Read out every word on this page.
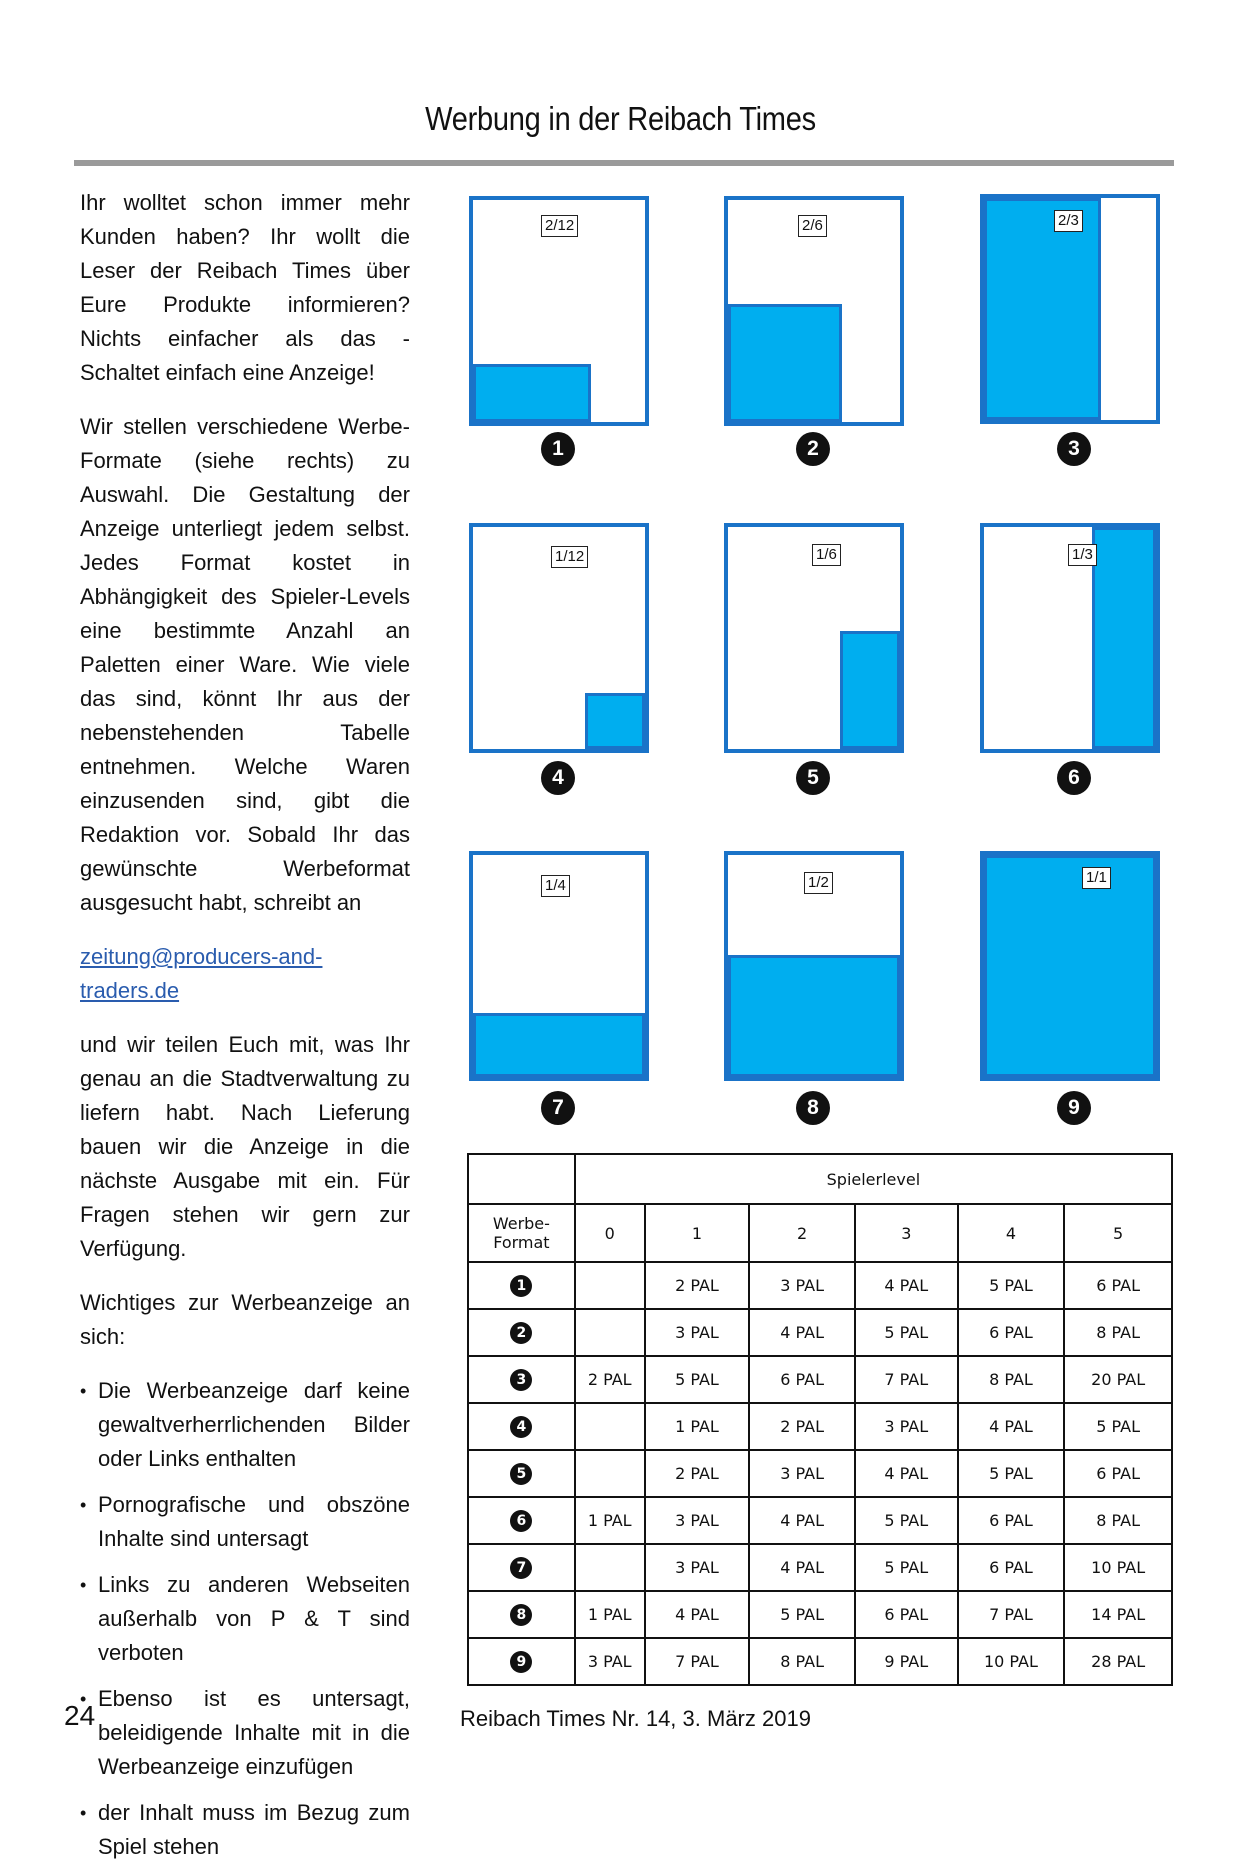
Werbung in der Reibach Times

Ihr wolltet schon immer mehr Kunden haben? Ihr wollt die Leser der Reibach Times über Eure Produkte informieren? Nichts einfacher als das - Schaltet einfach eine Anzeige!

Wir stellen verschiedene Werbe-Formate (siehe rechts) zu Auswahl. Die Gestaltung der Anzeige unterliegt jedem selbst. Jedes Format kostet in Abhängigkeit des Spieler-Levels eine bestimmte Anzahl an Paletten einer Ware. Wie viele das sind, könnt Ihr aus der nebenstehenden Tabelle entnehmen. Welche Waren einzusenden sind, gibt die Redaktion vor. Sobald Ihr das gewünschte Werbeformat ausgesucht habt, schreibt an

zeitung@producers-and-traders.de

und wir teilen Euch mit, was Ihr genau an die Stadtverwaltung zu liefern habt. Nach Lieferung bauen wir die Anzeige in die nächste Ausgabe mit ein. Für Fragen stehen wir gern zur Verfügung.

Wichtiges zur Werbeanzeige an sich:

• Die Werbeanzeige darf keine gewaltverherrlichenden Bilder oder Links enthalten
• Pornografische und obszöne Inhalte sind untersagt
• Links zu anderen Webseiten außerhalb von P & T sind verboten
• Ebenso ist es untersagt, beleidigende Inhalte mit in die Werbeanzeige einzufügen
• der Inhalt muss im Bezug zum Spiel stehen
2/12
1
2/6
2
2/3
3
1/12
4
1/6
5
1/3
6
1/4
7
1/2
8
1/1
9
	Spielerlevel					
Werbe-Format	0	1	2	3	4	5
1		2 PAL	3 PAL	4 PAL	5 PAL	6 PAL
2		3 PAL	4 PAL	5 PAL	6 PAL	8 PAL
3	2 PAL	5 PAL	6 PAL	7 PAL	8 PAL	20 PAL
4		1 PAL	2 PAL	3 PAL	4 PAL	5 PAL
5		2 PAL	3 PAL	4 PAL	5 PAL	6 PAL
6	1 PAL	3 PAL	4 PAL	5 PAL	6 PAL	8 PAL
7		3 PAL	4 PAL	5 PAL	6 PAL	10 PAL
8	1 PAL	4 PAL	5 PAL	6 PAL	7 PAL	14 PAL
9	3 PAL	7 PAL	8 PAL	9 PAL	10 PAL	28 PAL
24	Reibach Times Nr. 14, 3. März 2019
